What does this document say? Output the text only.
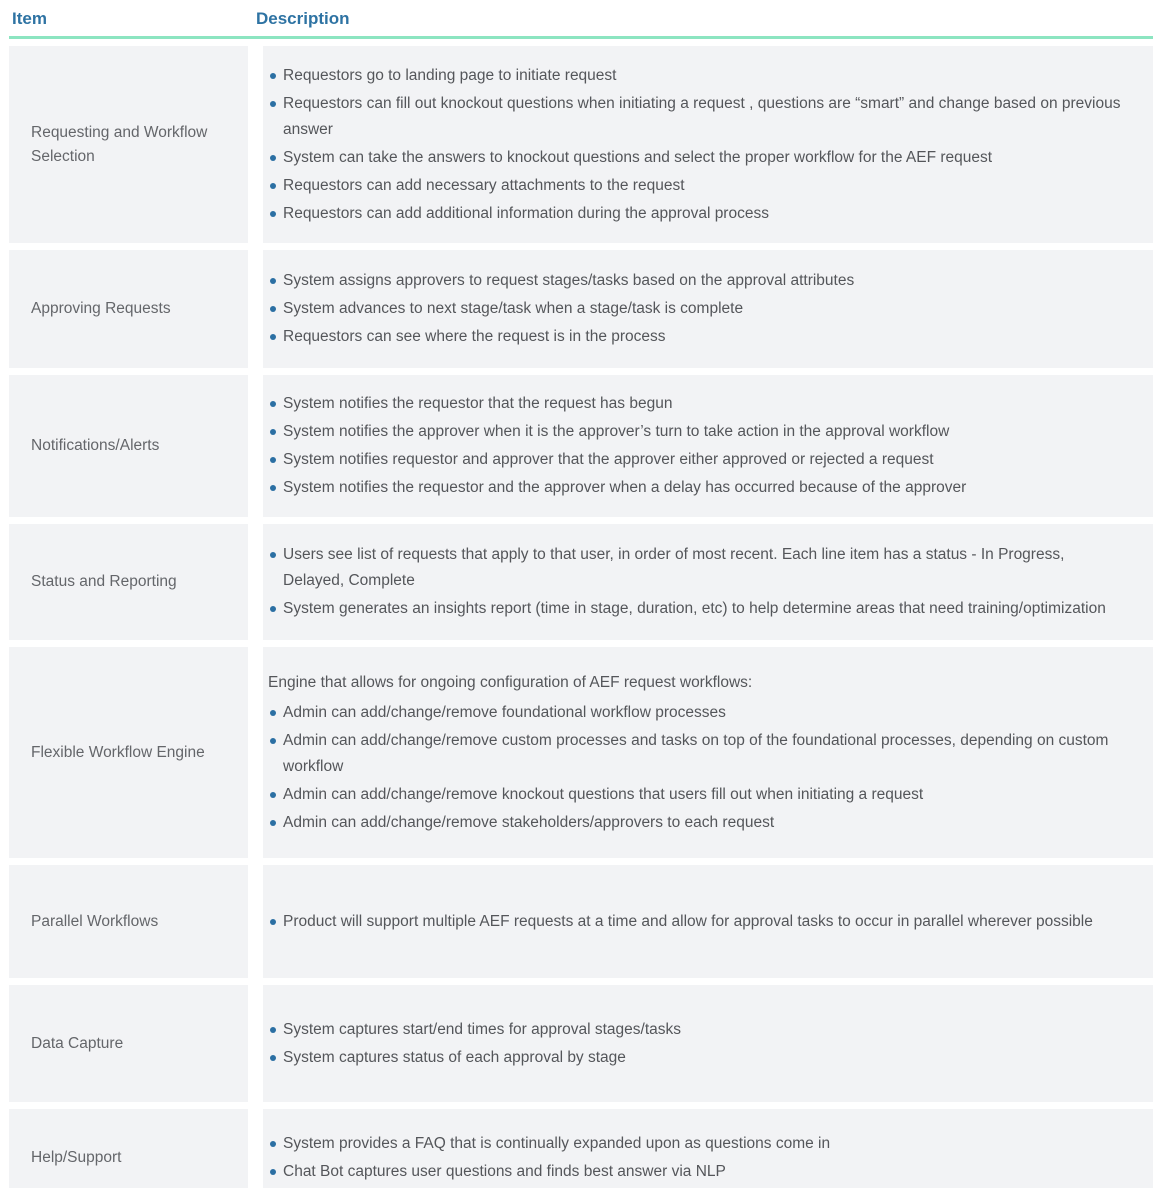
Item	Description
Requesting and Workflow Selection
Requestors go to landing page to initiate request
Requestors can fill out knockout questions when initiating a request , questions are “smart” and change based on previous answer
System can take the answers to knockout questions and select the proper workflow for the AEF request
Requestors can add necessary attachments to the request
Requestors can add additional information during the approval process
Approving Requests
System assigns approvers to request stages/tasks based on the approval attributes
System advances to next stage/task when a stage/task is complete
Requestors can see where the request is in the process
Notifications/Alerts
System notifies the requestor that the request has begun
System notifies the approver when it is the approver’s turn to take action in the approval workflow
System notifies requestor and approver that the approver either approved or rejected a request
System notifies the requestor and the approver when a delay has occurred because of the approver
Status and Reporting
Users see list of requests that apply to that user, in order of most recent. Each line item has a status - In Progress, Delayed, Complete
System generates an insights report (time in stage, duration, etc) to help determine areas that need training/optimization
Flexible Workflow Engine

Engine that allows for ongoing configuration of AEF request workflows:

Admin can add/change/remove foundational workflow processes
Admin can add/change/remove custom processes and tasks on top of the foundational processes, depending on custom workflow
Admin can add/change/remove knockout questions that users fill out when initiating a request
Admin can add/change/remove stakeholders/approvers to each request
Parallel Workflows	Product will support multiple AEF requests at a time and allow for approval tasks to occur in parallel wherever possible
Data Capture
System captures start/end times for approval stages/tasks
System captures status of each approval by stage
Help/Support
System provides a FAQ that is continually expanded upon as questions come in
Chat Bot captures user questions and finds best answer via NLP
